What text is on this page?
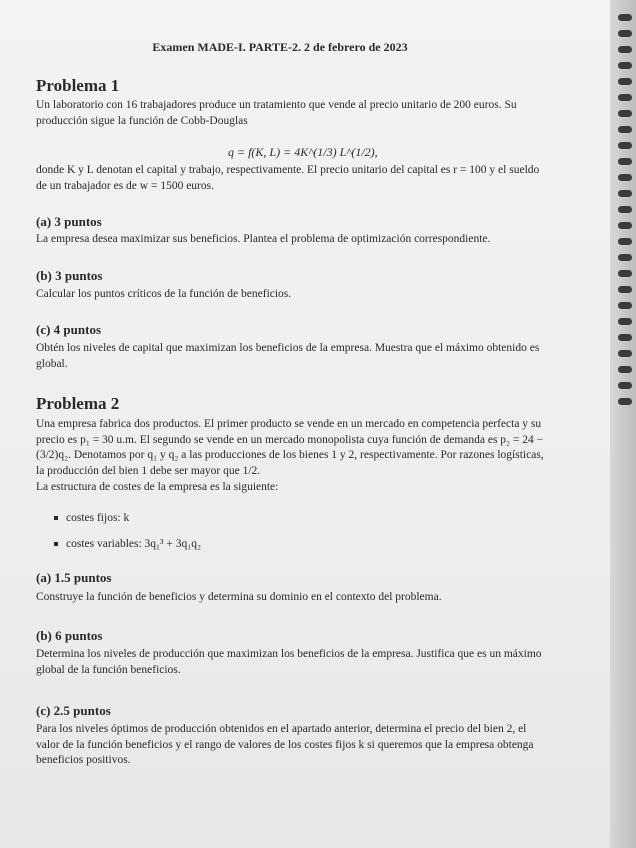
Examen MADE-I. PARTE-2. 2 de febrero de 2023
Problema 1

Un laboratorio con 16 trabajadores produce un tratamiento que vende al precio unitario de 200 euros. Su producción sigue la función de Cobb-Douglas

q = f(K, L) = 4K^(1/3) L^(1/2),

donde K y L denotan el capital y trabajo, respectivamente. El precio unitario del capital es r = 100 y el sueldo de un trabajador es de w = 1500 euros.

(a) 3 puntos

La empresa desea maximizar sus beneficios. Plantea el problema de optimización correspondiente.

(b) 3 puntos

Calcular los puntos críticos de la función de beneficios.

(c) 4 puntos

Obtén los niveles de capital que maximizan los beneficios de la empresa. Muestra que el máximo obtenido es global.

Problema 2

Una empresa fabrica dos productos. El primer producto se vende en un mercado en competencia perfecta y su precio es p₁ = 30 u.m. El segundo se vende en un mercado monopolista cuya función de demanda es p₂ = 24 − (3/2)q₂. Denotamos por q₁ y q₂ a las producciones de los bienes 1 y 2, respectivamente. Por razones logísticas, la producción del bien 1 debe ser mayor que 1/2.

La estructura de costes de la empresa es la siguiente:

costes fijos: k
costes variables: 3q₁³ + 3q₁q₂
(a) 1.5 puntos

Construye la función de beneficios y determina su dominio en el contexto del problema.

(b) 6 puntos

Determina los niveles de producción que maximizan los beneficios de la empresa. Justifica que es un máximo global de la función beneficios.

(c) 2.5 puntos

Para los niveles óptimos de producción obtenidos en el apartado anterior, determina el precio del bien 2, el valor de la función beneficios y el rango de valores de los costes fijos k si queremos que la empresa obtenga beneficios positivos.
